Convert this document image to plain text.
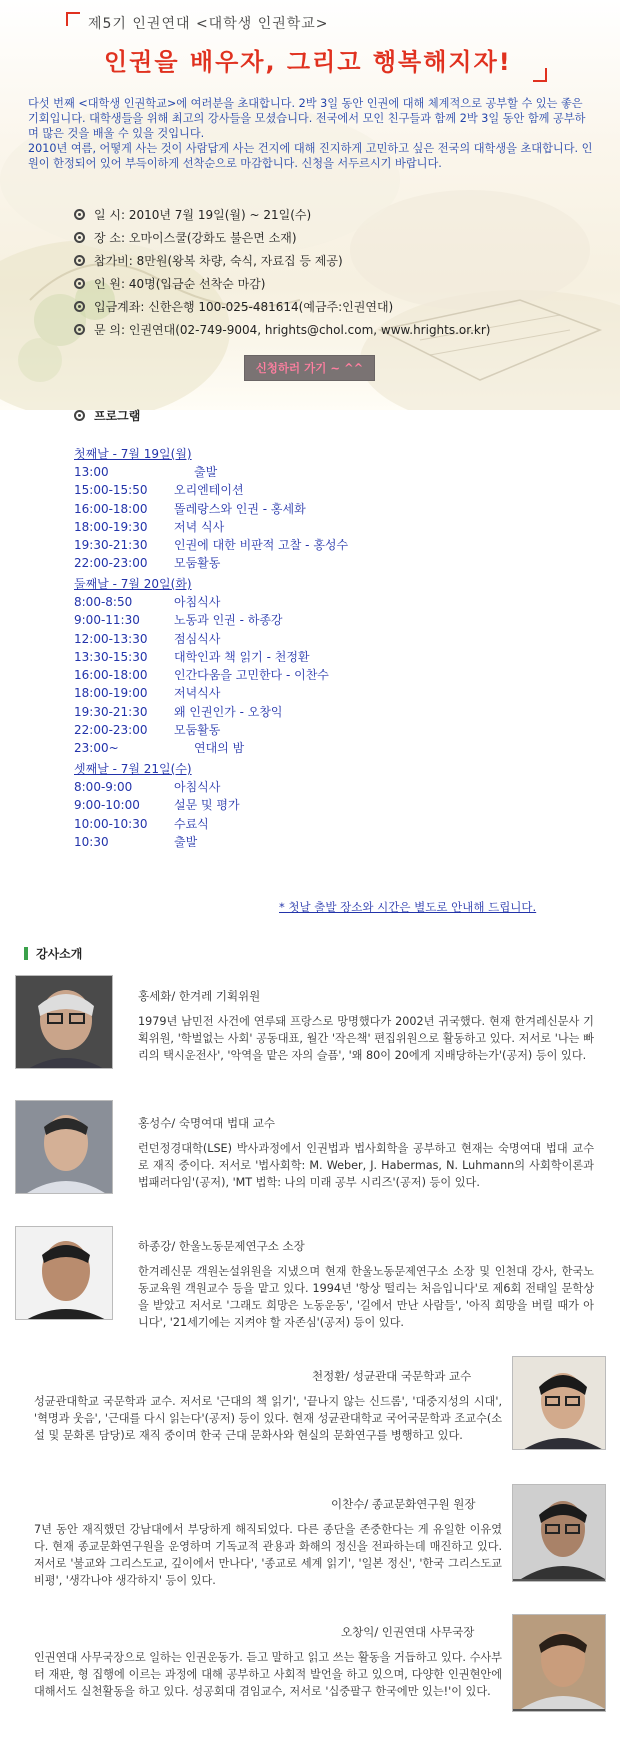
제5기 인권연대 <대학생 인권학교>
인권을 배우자, 그리고 행복해지자!

다섯 번째 <대학생 인권학교>에 여러분을 초대합니다. 2박 3일 동안 인권에 대해 체계적으로 공부할 수 있는 좋은 기회입니다. 대학생들을 위해 최고의 강사들을 모셨습니다. 전국에서 모인 친구들과 함께 2박 3일 동안 함께 공부하며 많은 것을 배울 수 있을 것입니다.

2010년 여름, 어떻게 사는 것이 사람답게 사는 건지에 대해 진지하게 고민하고 싶은 전국의 대학생을 초대합니다. 인원이 한정되어 있어 부득이하게 선착순으로 마감합니다. 신청을 서두르시기 바랍니다.

일 시: 2010년 7월 19일(월) ~ 21일(수)
장 소: 오마이스쿨(강화도 불은면 소재)
참가비: 8만원(왕복 차량, 숙식, 자료집 등 제공)
인 원: 40명(입금순 선착순 마감)
입금계좌: 신한은행 100-025-481614(예금주:인권연대)
문 의: 인권연대(02-749-9004, hrights@chol.com, www.hrights.or.kr)
신청하러 가기 ~ ^^
프로그램
첫째날 - 7월 19일(월)
13:00	출발
15:00-15:50	오리엔테이션
16:00-18:00	똘레랑스와 인권 - 홍세화
18:00-19:30	저녁 식사
19:30-21:30	인권에 대한 비판적 고찰 - 홍성수
22:00-23:00	모둠활동
둘째날 - 7월 20일(화)
8:00-8:50	아침식사
9:00-11:30	노동과 인권 - 하종강
12:00-13:30	점심식사
13:30-15:30	대학인과 책 읽기 - 천정환
16:00-18:00	인간다움을 고민한다 - 이찬수
18:00-19:00	저녁식사
19:30-21:30	왜 인권인가 - 오창익
22:00-23:00	모둠활동
23:00~	연대의 밤
셋째날 - 7월 21일(수)
8:00-9:00	아침식사
9:00-10:00	설문 및 평가
10:00-10:30	수료식
10:30	출발
* 첫날 출발 장소와 시간은 별도로 안내해 드립니다.
강사소개
홍세화/ 한겨레 기획위원
1979년 남민전 사건에 연루돼 프랑스로 망명했다가 2002년 귀국했다. 현재 한겨레신문사 기획위원, '학벌없는 사회' 공동대표, 월간 '작은책' 편집위원으로 활동하고 있다. 저서로 '나는 빠리의 택시운전사', '악역을 맡은 자의 슬픔', '왜 80이 20에게 지배당하는가'(공저) 등이 있다.
홍성수/ 숙명여대 법대 교수
런던정경대학(LSE) 박사과정에서 인권법과 법사회학을 공부하고 현재는 숙명여대 법대 교수로 재직 중이다. 저서로 '법사회학: M. Weber, J. Habermas, N. Luhmann의 사회학이론과 법패러다임'(공저), 'MT 법학: 나의 미래 공부 시리즈'(공저) 등이 있다.
하종강/ 한울노동문제연구소 소장
한겨레신문 객원논설위원을 지냈으며 현재 한울노동문제연구소 소장 및 인천대 강사, 한국노동교육원 객원교수 등을 맡고 있다. 1994년 '항상 떨리는 처음입니다'로 제6회 전태일 문학상을 받았고 저서로 '그래도 희망은 노동운동', '길에서 만난 사람들', '아직 희망을 버릴 때가 아니다', '21세기에는 지켜야 할 자존심'(공저) 등이 있다.
천정환/ 성균관대 국문학과 교수
성균관대학교 국문학과 교수. 저서로 '근대의 책 읽기', '끝나지 않는 신드롬', '대중지성의 시대', '혁명과 웃음', '근대를 다시 읽는다'(공저) 등이 있다. 현재 성균관대학교 국어국문학과 조교수(소설 및 문화론 담당)로 재직 중이며 한국 근대 문화사와 현실의 문화연구를 병행하고 있다.
이찬수/ 종교문화연구원 원장
7년 동안 재직했던 강남대에서 부당하게 해직되었다. 다른 종단을 존중한다는 게 유일한 이유였다. 현재 종교문화연구원을 운영하며 기독교적 관용과 화해의 정신을 전파하는데 매진하고 있다. 저서로 '불교와 그리스도교, 깊이에서 만나다', '종교로 세계 읽기', '일본 정신', '한국 그리스도교 비평', '생각나야 생각하지' 등이 있다.
오창익/ 인권연대 사무국장
인권연대 사무국장으로 일하는 인권운동가. 듣고 말하고 읽고 쓰는 활동을 거듭하고 있다. 수사부터 재판, 형 집행에 이르는 과정에 대해 공부하고 사회적 발언을 하고 있으며, 다양한 인권현안에 대해서도 실천활동을 하고 있다. 성공회대 겸임교수, 저서로 '십중팔구 한국에만 있는!'이 있다.
